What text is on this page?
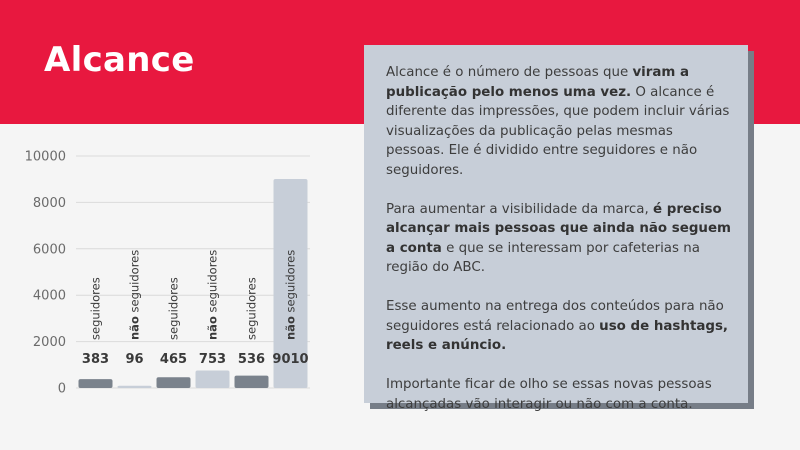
Alcance
0
2000
4000
6000
8000
10000
383
seguidores
96
não seguidores
465
seguidores
753
não seguidores
536
seguidores
9010
não seguidores

Alcance é o número de pessoas que viram a publicação pelo menos uma vez. O alcance é diferente das impressões, que podem incluir várias visualizações da publicação pelas mesmas pessoas. Ele é dividido entre seguidores e não seguidores.

Para aumentar a visibilidade da marca, é preciso alcançar mais pessoas que ainda não seguem a conta e que se interessam por cafeterias na região do ABC.

Esse aumento na entrega dos conteúdos para não seguidores está relacionado ao uso de hashtags, reels e anúncio.

Importante ficar de olho se essas novas pessoas alcançadas vão interagir ou não com a conta.
